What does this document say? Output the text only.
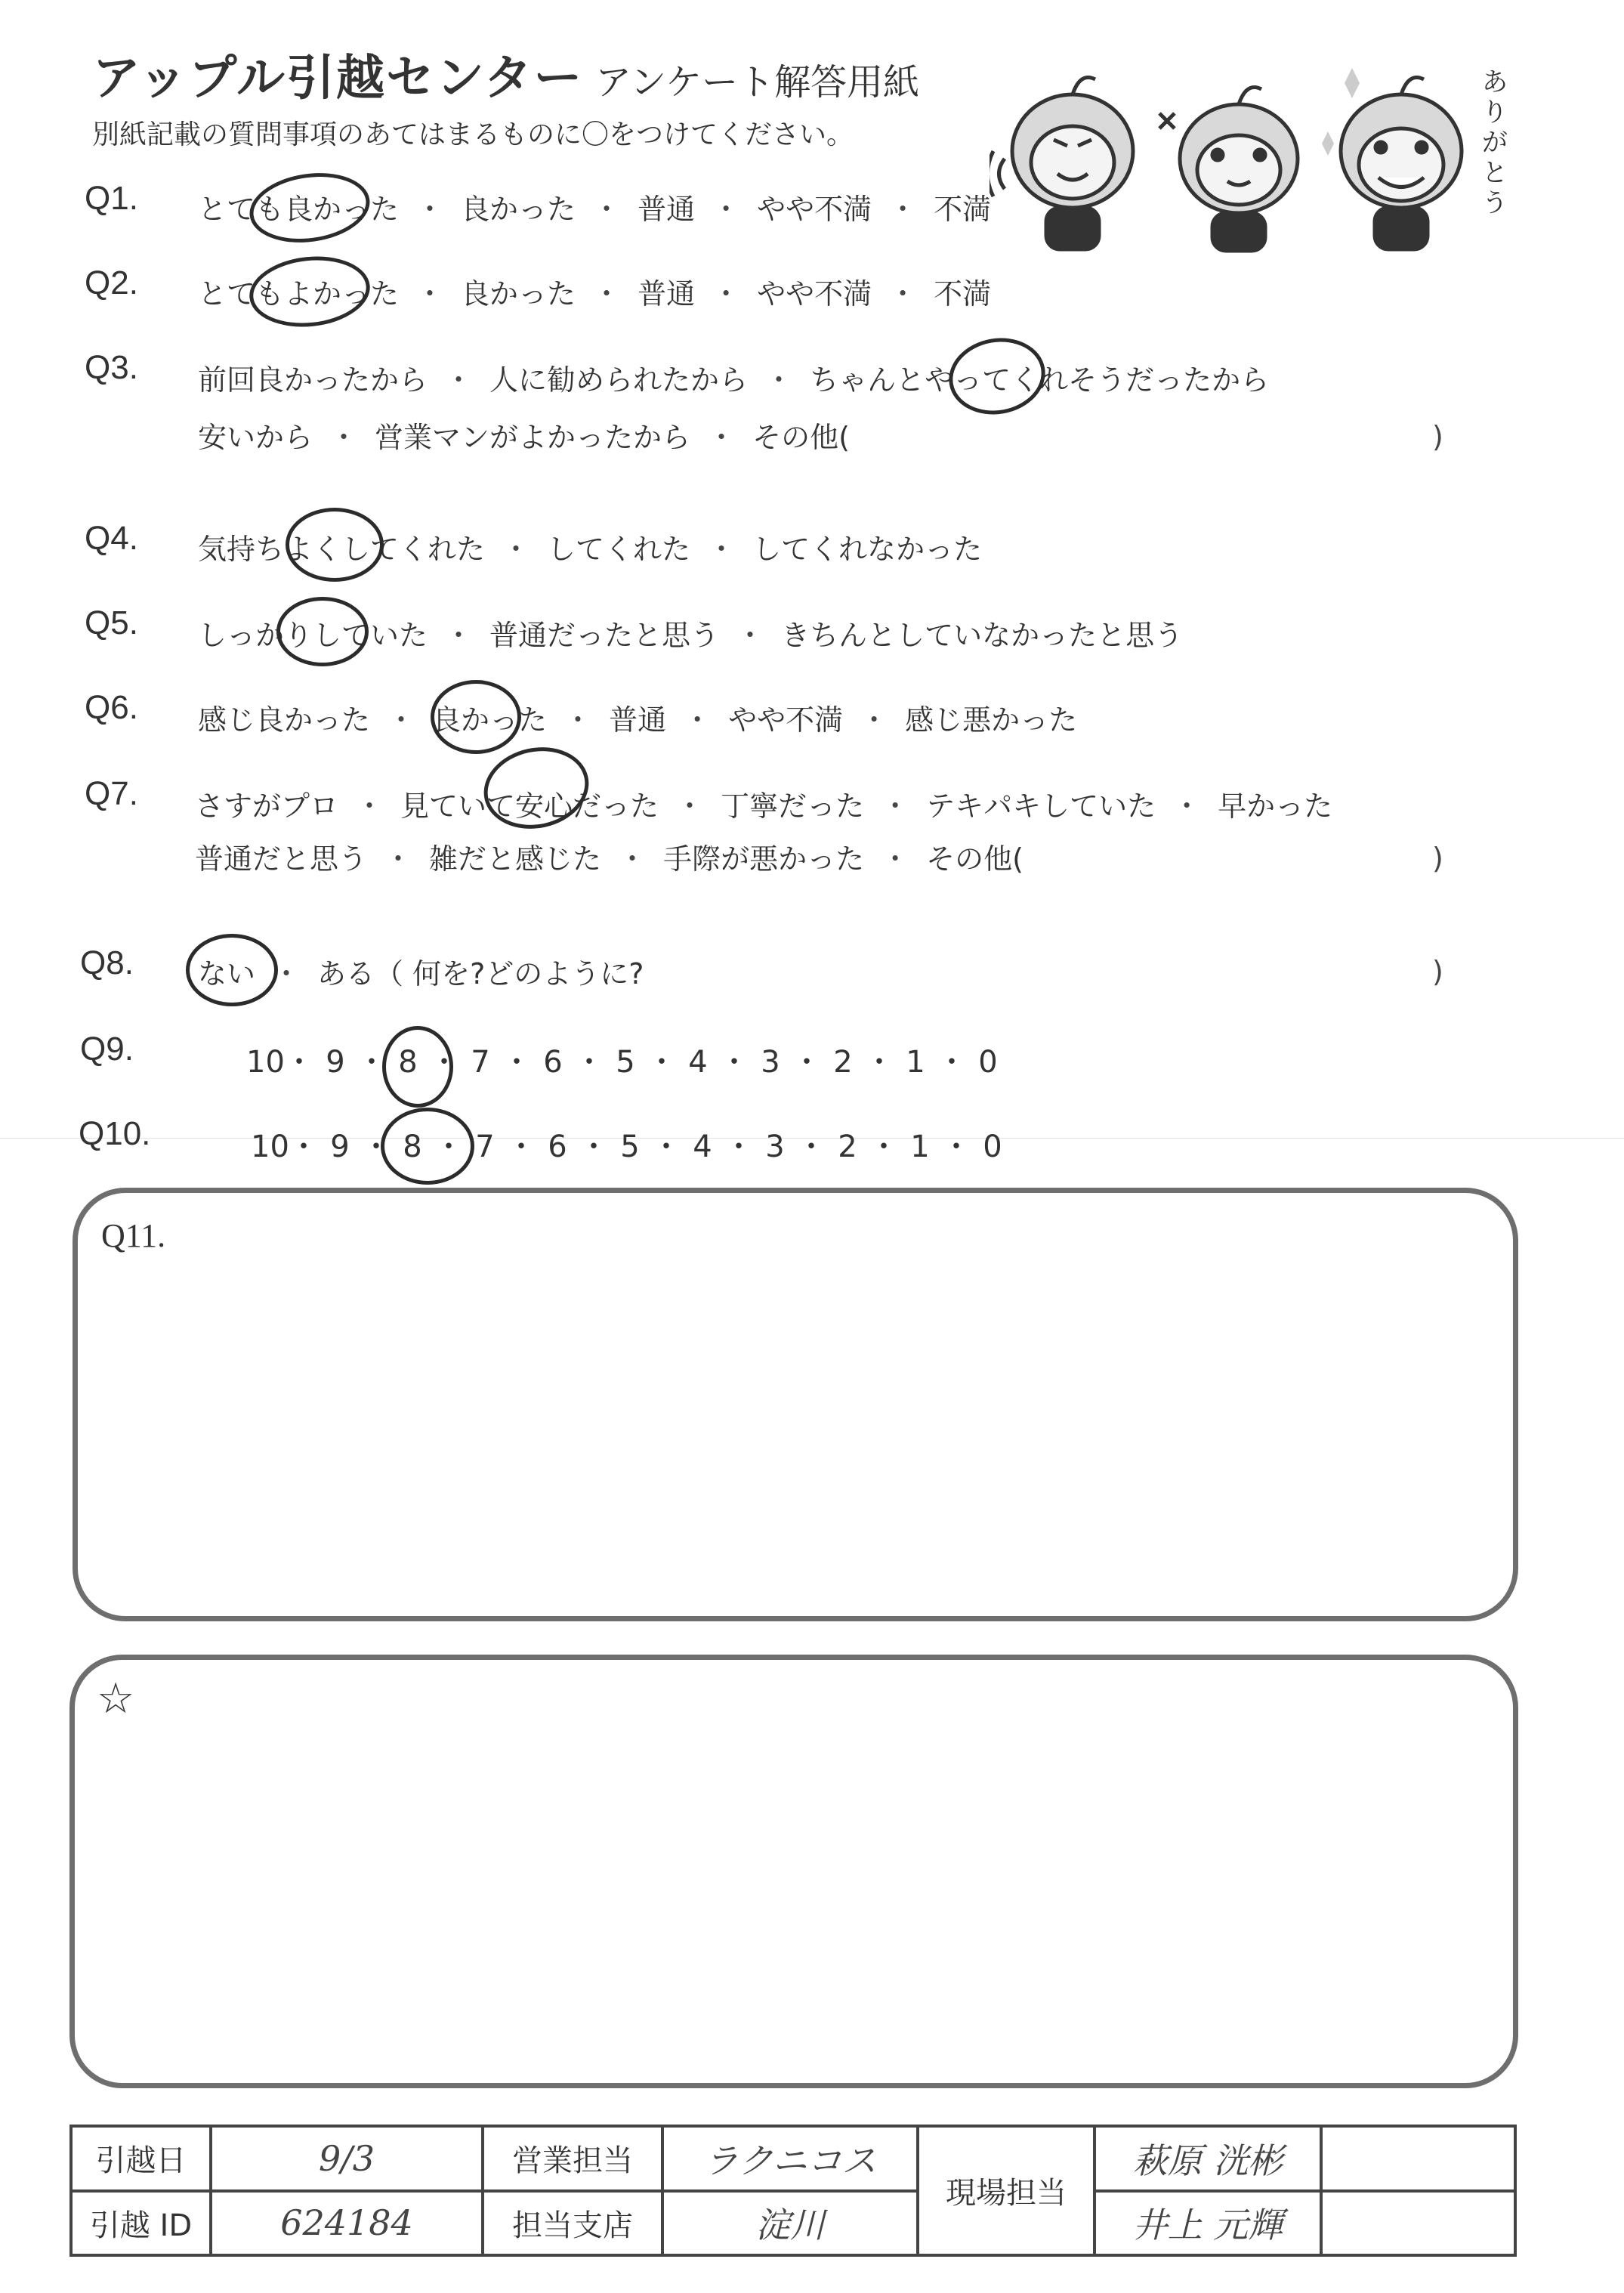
アップル引越センター アンケート解答用紙
別紙記載の質問事項のあてはまるものに〇をつけてください。
ありがとう
Q1. とても良かった ・ 良かった ・ 普通 ・ やや不満 ・ 不満
Q2. とてもよかった ・ 良かった ・ 普通 ・ やや不満 ・ 不満
Q3. 前回良かったから ・ 人に勧められたから ・ ちゃんとやってくれそうだったから
安いから ・ 営業マンがよかったから ・ その他(	)
Q4. 気持ちよくしてくれた ・ してくれた ・ してくれなかった
Q5. しっかりしていた ・ 普通だったと思う ・ きちんとしていなかったと思う
Q6. 感じ良かった ・ 良かった ・ 普通 ・ やや不満 ・ 感じ悪かった
Q7. さすがプロ ・ 見ていて安心だった ・ 丁寧だった ・ テキパキしていた ・ 早かった
普通だと思う ・ 雑だと感じた ・ 手際が悪かった ・ その他(	)
Q8. ない ・ ある（ 何を?どのように?	)
Q9.	10・ 9 ・ 8 ・ 7 ・ 6 ・ 5 ・ 4 ・ 3 ・ 2 ・ 1 ・ 0
Q10.	10・ 9 ・ 8 ・ 7 ・ 6 ・ 5 ・ 4 ・ 3 ・ 2 ・ 1 ・ 0
Q11.
☆
引越日	9/3	営業担当	ラクニコス	現場担当	萩原 洸彬	
引越 ID	624184	担当支店	淀川		井上 元輝	
